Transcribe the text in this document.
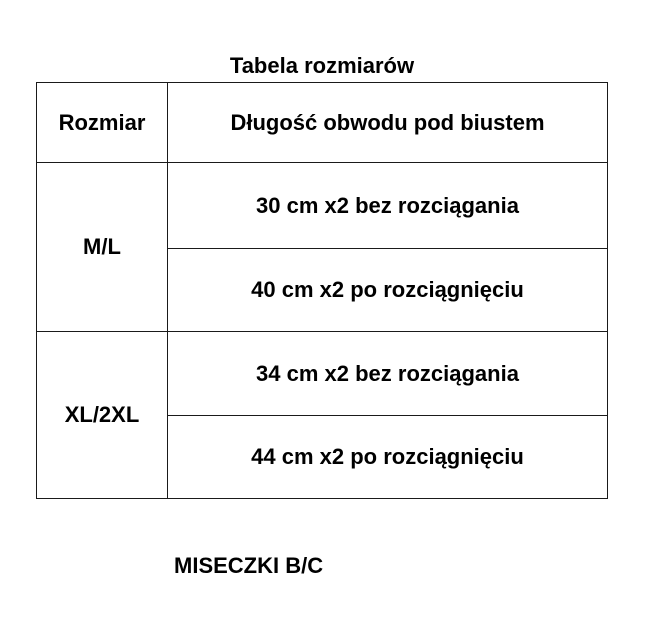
Tabela rozmiarów
Rozmiar	Długość obwodu pod biustem
M/L	30 cm x2 bez rozciągania
	40 cm x2 po rozciągnięciu
XL/2XL	34 cm x2 bez rozciągania
	44 cm x2 po rozciągnięciu
MISECZKI B/C
